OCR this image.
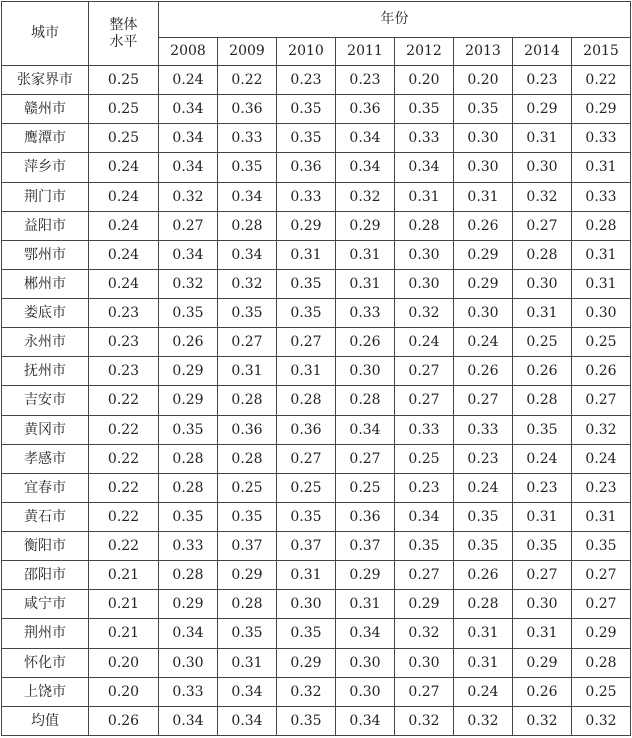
城市	整体水平	年份							
		2008	2009	2010	2011	2012	2013	2014	2015
张家界市	0.25	0.24	0.22	0.23	0.23	0.20	0.20	0.23	0.22
赣州市	0.25	0.34	0.36	0.35	0.36	0.35	0.35	0.29	0.29
鹰潭市	0.25	0.34	0.33	0.35	0.34	0.33	0.30	0.31	0.33
萍乡市	0.24	0.34	0.35	0.36	0.34	0.34	0.30	0.30	0.31
荆门市	0.24	0.32	0.34	0.33	0.32	0.31	0.31	0.32	0.33
益阳市	0.24	0.27	0.28	0.29	0.29	0.28	0.26	0.27	0.28
鄂州市	0.24	0.34	0.34	0.31	0.31	0.30	0.29	0.28	0.31
郴州市	0.24	0.32	0.32	0.35	0.31	0.30	0.29	0.30	0.31
娄底市	0.23	0.35	0.35	0.35	0.33	0.32	0.30	0.31	0.30
永州市	0.23	0.26	0.27	0.27	0.26	0.24	0.24	0.25	0.25
抚州市	0.23	0.29	0.31	0.31	0.30	0.27	0.26	0.26	0.26
吉安市	0.22	0.29	0.28	0.28	0.28	0.27	0.27	0.28	0.27
黄冈市	0.22	0.35	0.36	0.36	0.34	0.33	0.33	0.35	0.32
孝感市	0.22	0.28	0.28	0.27	0.27	0.25	0.23	0.24	0.24
宜春市	0.22	0.28	0.25	0.25	0.25	0.23	0.24	0.23	0.23
黄石市	0.22	0.35	0.35	0.35	0.36	0.34	0.35	0.31	0.31
衡阳市	0.22	0.33	0.37	0.37	0.37	0.35	0.35	0.35	0.35
邵阳市	0.21	0.28	0.29	0.31	0.29	0.27	0.26	0.27	0.27
咸宁市	0.21	0.29	0.28	0.30	0.31	0.29	0.28	0.30	0.27
荆州市	0.21	0.34	0.35	0.35	0.34	0.32	0.31	0.31	0.29
怀化市	0.20	0.30	0.31	0.29	0.30	0.30	0.31	0.29	0.28
上饶市	0.20	0.33	0.34	0.32	0.30	0.27	0.24	0.26	0.25
均值	0.26	0.34	0.34	0.35	0.34	0.32	0.32	0.32	0.32
